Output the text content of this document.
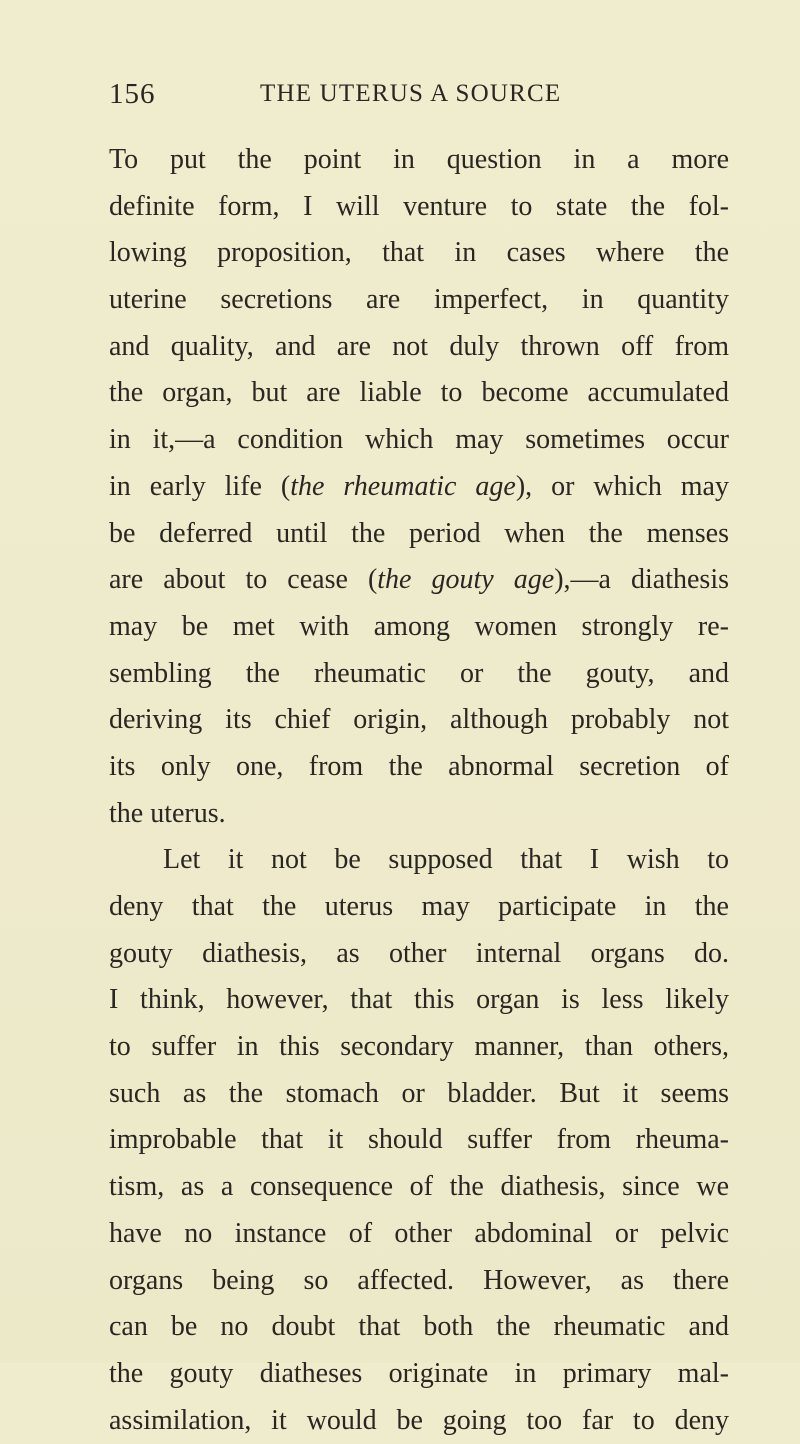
156	THE UTERUS A SOURCE
To put the point in question in a more
definite form, I will venture to state the fol-
lowing proposition, that in cases where the
uterine secretions are imperfect, in quantity
and quality, and are not duly thrown off from
the organ, but are liable to become accumulated
in it,—a condition which may sometimes occur
in early life (the rheumatic age), or which may
be deferred until the period when the menses
are about to cease (the gouty age),—a diathesis
may be met with among women strongly re-
sembling the rheumatic or the gouty, and
deriving its chief origin, although probably not
its only one, from the abnormal secretion of
the uterus.
Let it not be supposed that I wish to
deny that the uterus may participate in the
gouty diathesis, as other internal organs do.
I think, however, that this organ is less likely
to suffer in this secondary manner, than others,
such as the stomach or bladder. But it seems
improbable that it should suffer from rheuma-
tism, as a consequence of the diathesis, since we
have no instance of other abdominal or pelvic
organs being so affected. However, as there
can be no doubt that both the rheumatic and
the gouty diatheses originate in primary mal-
assimilation, it would be going too far to deny
